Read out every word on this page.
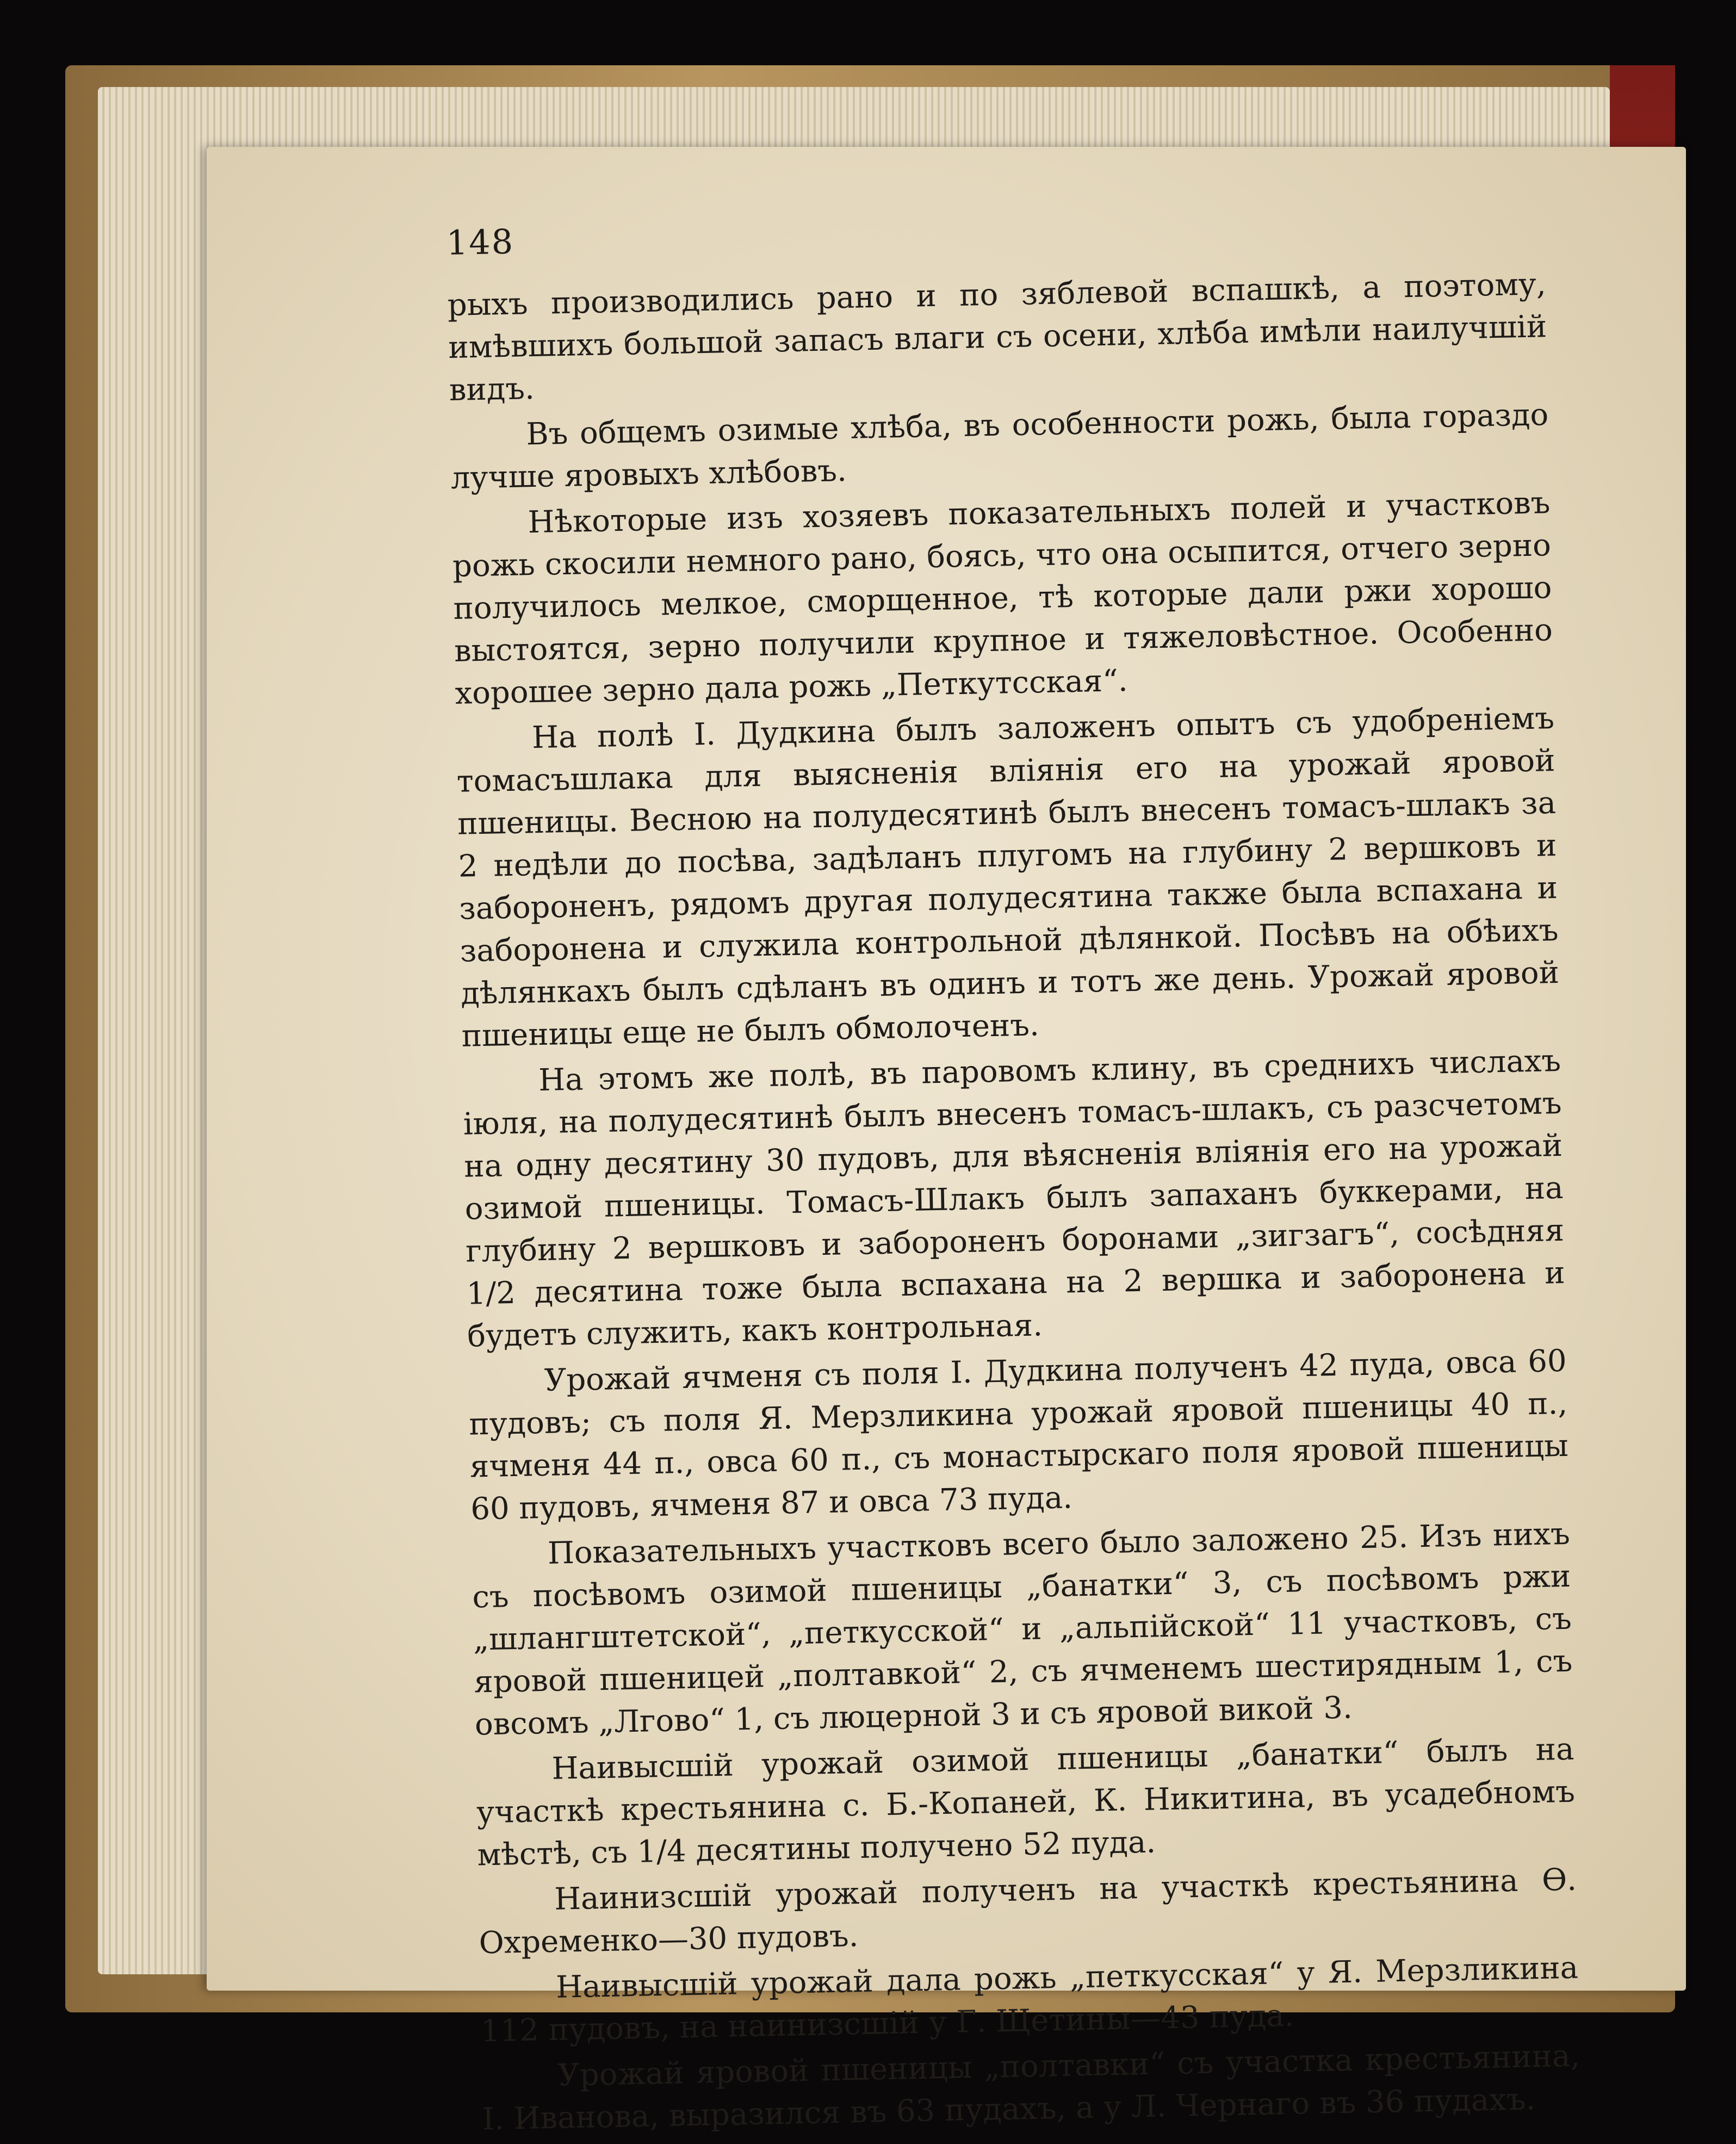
148

рыхъ производились рано и по зяблевой вспашкѣ, а поэтому, имѣвшихъ большой запасъ влаги съ осени, хлѣба имѣли наилучшій видъ.

Въ общемъ озимые хлѣба, въ особенности рожь, была гораздо лучше яровыхъ хлѣбовъ.

Нѣкоторые изъ хозяевъ показательныхъ полей и участковъ рожь скосили немного рано, боясь, что она осыпится, отчего зерно получилось мелкое, сморщенное, тѣ которые дали ржи хорошо выстоятся, зерно получили крупное и тяжеловѣстное. Особенно хорошее зерно дала рожь „Петкутсская“.

На полѣ I. Дудкина былъ заложенъ опытъ съ удобреніемъ томасъшлака для выясненія вліянія его на урожай яровой пшеницы. Весною на полудесятинѣ былъ внесенъ томасъ-шлакъ за 2 недѣли до посѣва, задѣланъ плугомъ на глубину 2 вершковъ и забороненъ, рядомъ другая полудесятина также была вспахана и заборонена и служила контрольной дѣлянкой. Посѣвъ на обѣихъ дѣлянкахъ былъ сдѣланъ въ одинъ и тотъ же день. Урожай яровой пшеницы еще не былъ обмолоченъ.

На этомъ же полѣ, въ паровомъ клину, въ среднихъ числахъ іюля, на полудесятинѣ былъ внесенъ томасъ-шлакъ, съ разсчетомъ на одну десятину 30 пудовъ, для вѣясненія вліянія его на урожай озимой пшеницы. Томасъ-Шлакъ былъ запаханъ буккерами, на глубину 2 вершковъ и забороненъ боронами „зигзагъ“, сосѣдняя 1/2 десятина тоже была вспахана на 2 вершка и заборонена и будетъ служить, какъ контрольная.

Урожай ячменя съ поля I. Дудкина полученъ 42 пуда, овса 60 пудовъ; съ поля Я. Мерзликина урожай яровой пшеницы 40 п., ячменя 44 п., овса 60 п., съ монастырскаго поля яровой пшеницы 60 пудовъ, ячменя 87 и овса 73 пуда.

Показательныхъ участковъ всего было заложено 25. Изъ нихъ съ посѣвомъ озимой пшеницы „банатки“ 3, съ посѣвомъ ржи „шлангштетской“, „петкусской“ и „альпійской“ 11 участковъ, съ яровой пшеницей „полтавкой“ 2, съ ячменемъ шестирядным 1, съ овсомъ „Лгово“ 1, съ люцерной 3 и съ яровой викой 3.

Наивысшій урожай озимой пшеницы „банатки“ былъ на участкѣ крестьянина с. Б.-Копаней, К. Никитина, въ усадебномъ мѣстѣ, съ 1/4 десятины получено 52 пуда.

Наинизсшій урожай полученъ на участкѣ крестьянина Ѳ. Охременко—30 пудовъ.

Наивысшій урожай дала рожь „петкусская“ у Я. Мерзликина 112 пудовъ, на наинизсшій у Г. Щетины—43 пуда.

Урожай яровой пшеницы „полтавки“ съ участка крестьянина, I. Иванова, выразился въ 63 пудахъ, а у Л. Чернаго въ 36 пудахъ.
